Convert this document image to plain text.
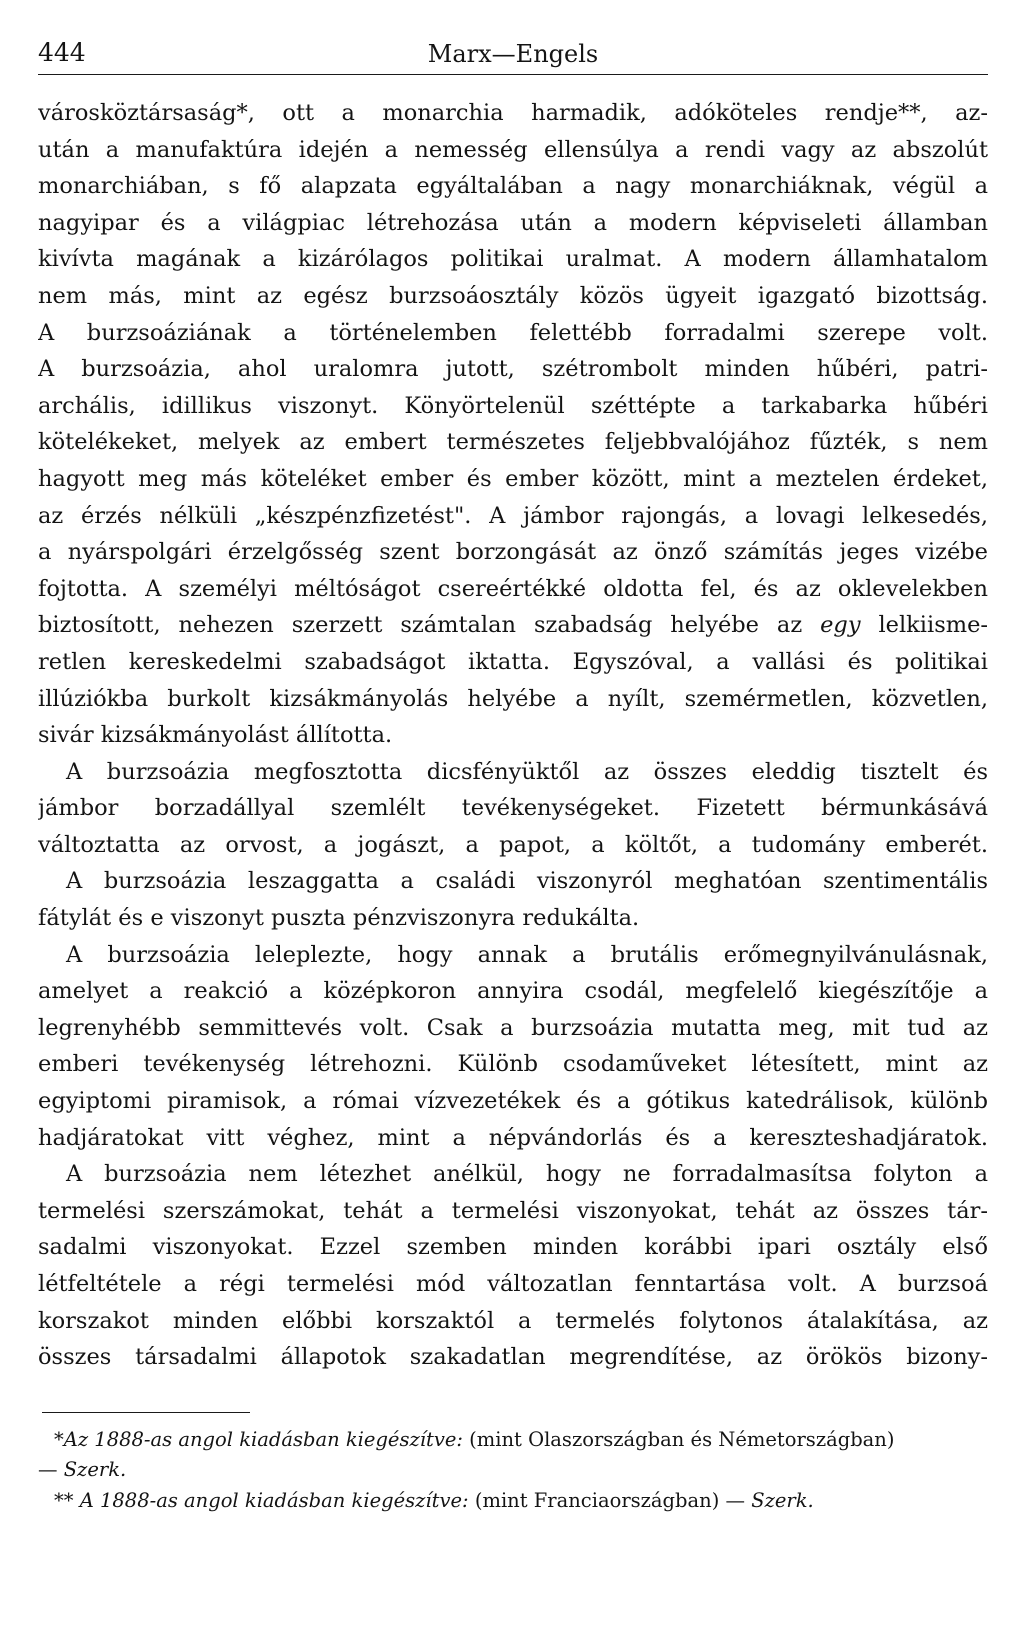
444	Marx—Engels
városköztársaság*, ott a monarchia harmadik, adóköteles rendje**, az-
után a manufaktúra idején a nemesség ellensúlya a rendi vagy az abszolút
monarchiában, s fő alapzata egyáltalában a nagy monarchiáknak, végül a
nagyipar és a világpiac létrehozása után a modern képviseleti államban
kivívta magának a kizárólagos politikai uralmat. A modern államhatalom
nem más, mint az egész burzsoáosztály közös ügyeit igazgató bizottság.
A burzsoáziának a történelemben felettébb forradalmi szerepe volt.
A burzsoázia, ahol uralomra jutott, szétrombolt minden hűbéri, patri-
archális, idillikus viszonyt. Könyörtelenül széttépte a tarkabarka hűbéri
kötelékeket, melyek az embert természetes feljebbvalójához fűzték, s nem
hagyott meg más köteléket ember és ember között, mint a meztelen érdeket,
az érzés nélküli „készpénzfizetést". A jámbor rajongás, a lovagi lelkesedés,
a nyárspolgári érzelgősség szent borzongását az önző számítás jeges vizébe
fojtotta. A személyi méltóságot csereértékké oldotta fel, és az oklevelekben
biztosított, nehezen szerzett számtalan szabadság helyébe az egy lelkiisme-
retlen kereskedelmi szabadságot iktatta. Egyszóval, a vallási és politikai
illúziókba burkolt kizsákmányolás helyébe a nyílt, szemérmetlen, közvetlen,
sivár kizsákmányolást állította.
A burzsoázia megfosztotta dicsfényüktől az összes eleddig tisztelt és
jámbor borzadállyal szemlélt tevékenységeket. Fizetett bérmunkásává
változtatta az orvost, a jogászt, a papot, a költőt, a tudomány emberét.
A burzsoázia leszaggatta a családi viszonyról meghatóan szentimentális
fátylát és e viszonyt puszta pénzviszonyra redukálta.
A burzsoázia leleplezte, hogy annak a brutális erőmegnyilvánulásnak,
amelyet a reakció a középkoron annyira csodál, megfelelő kiegészítője a
legrenyhébb semmittevés volt. Csak a burzsoázia mutatta meg, mit tud az
emberi tevékenység létrehozni. Különb csodaműveket létesített, mint az
egyiptomi piramisok, a római vízvezetékek és a gótikus katedrálisok, különb
hadjáratokat vitt véghez, mint a népvándorlás és a kereszteshadjáratok.
A burzsoázia nem létezhet anélkül, hogy ne forradalmasítsa folyton a
termelési szerszámokat, tehát a termelési viszonyokat, tehát az összes tár-
sadalmi viszonyokat. Ezzel szemben minden korábbi ipari osztály első
létfeltétele a régi termelési mód változatlan fenntartása volt. A burzsoá
korszakot minden előbbi korszaktól a termelés folytonos átalakítása, az
összes társadalmi állapotok szakadatlan megrendítése, az örökös bizony-
*Az 1888-as angol kiadásban kiegészítve: (mint Olaszországban és Németországban)
— Szerk.
** A 1888-as angol kiadásban kiegészítve: (mint Franciaországban) — Szerk.
